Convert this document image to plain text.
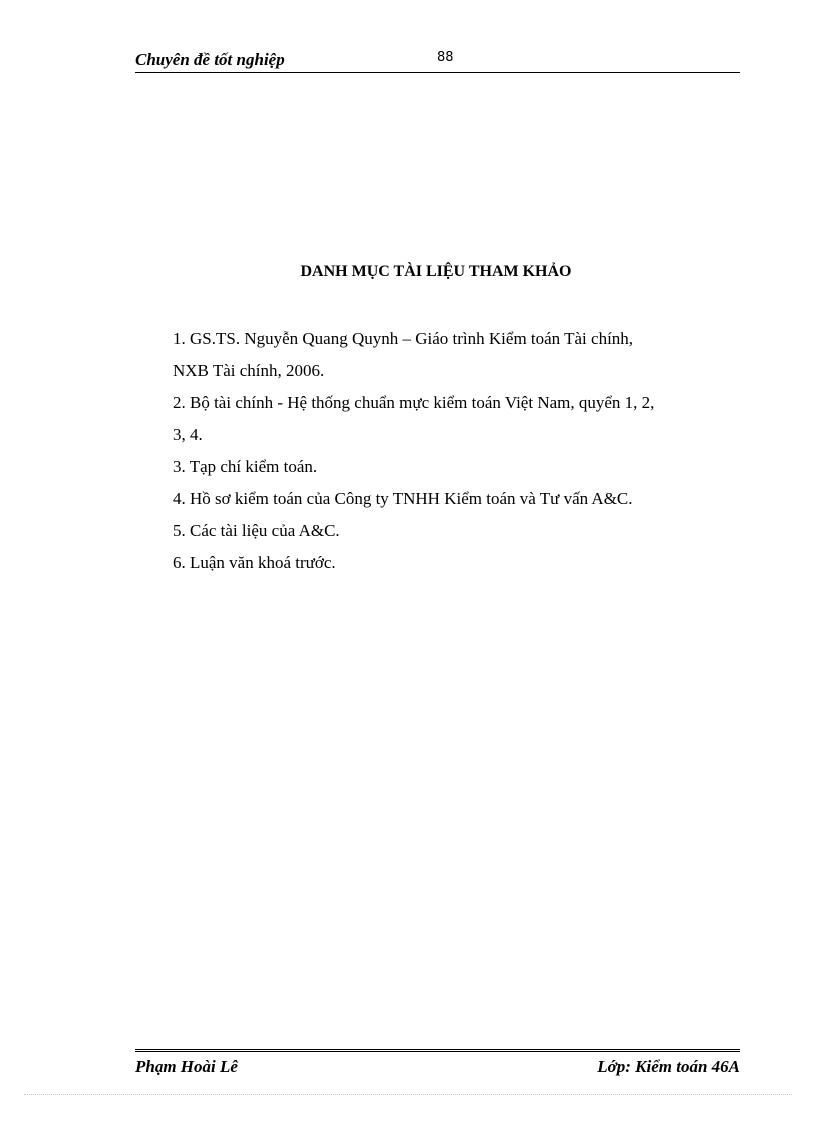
Chuyên đề tốt nghiệp	88
DANH MỤC TÀI LIỆU THAM KHẢO
1. GS.TS. Nguyễn Quang Quynh – Giáo trình Kiểm toán Tài chính,
NXB Tài chính, 2006.
2. Bộ tài chính - Hệ thống chuẩn mực kiểm toán Việt Nam, quyển 1, 2,
3, 4.
3. Tạp chí kiểm toán.
4. Hồ sơ kiểm toán của Công ty TNHH Kiểm toán và Tư vấn A&C.
5. Các tài liệu của A&C.
6. Luận văn khoá trước.
Phạm Hoài Lê	Lớp: Kiểm toán 46A
